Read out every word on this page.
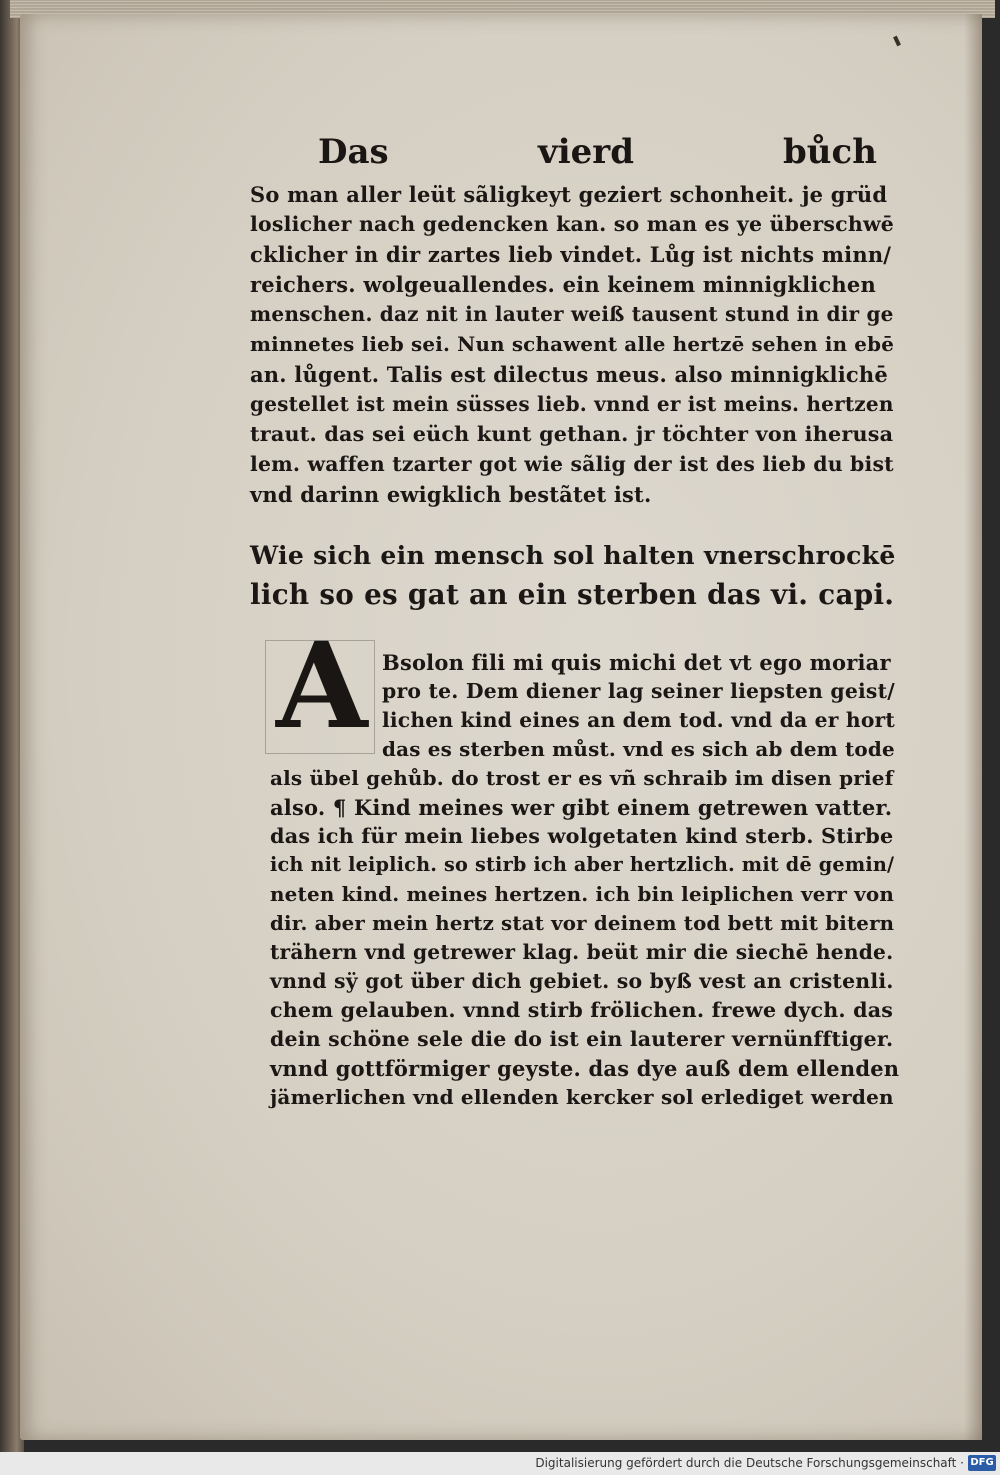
Das	vierd	bůch
So man aller leüt sãligkeyt geziert schonheit. je grüd
loslicher nach gedencken kan. so man es ye überschwē
cklicher in dir zartes lieb vindet. Lůg ist nichts minn/
reichers. wolgeuallendes. ein keinem minnigklichen
menschen. daz nit in lauter weiß tausent stund in dir ge
minnetes lieb sei. Nun schawent alle hertzē sehen in ebē
an. lůgent. Talis est dilectus meus. also minnigklichē
gestellet ist mein süsses lieb. vnnd er ist meins. hertzen
traut. das sei eüch kunt gethan. jr töchter von iherusa
lem. waffen tzarter got wie sãlig der ist des lieb du bist
vnd darinn ewigklich bestãtet ist.
Wie sich ein mensch sol halten vnerschrockē
lich so es gat an ein sterben das vi. capi.
A Bsolon fili mi quis michi det vt ego moriar
pro te. Dem diener lag seiner liepsten geist/
lichen kind eines an dem tod. vnd da er hort
das es sterben můst. vnd es sich ab dem tode
als übel gehůb. do trost er es vñ schraib im disen prief
also. ¶ Kind meines wer gibt einem getrewen vatter.
das ich für mein liebes wolgetaten kind sterb. Stirbe
ich nit leiplich. so stirb ich aber hertzlich. mit dē gemin/
neten kind. meines hertzen. ich bin leiplichen verr von
dir. aber mein hertz stat vor deinem tod bett mit bitern
trähern vnd getrewer klag. beüt mir die siechē hende.
vnnd sÿ got über dich gebiet. so byß vest an cristenli.
chem gelauben. vnnd stirb frölichen. frewe dych. das
dein schöne sele die do ist ein lauterer vernünfftiger.
vnnd gottförmiger geyste. das dye auß dem ellenden
jämerlichen vnd ellenden kercker sol erlediget werden
Digitalisierung gefördert durch die Deutsche Forschungsgemeinschaft · DFG
